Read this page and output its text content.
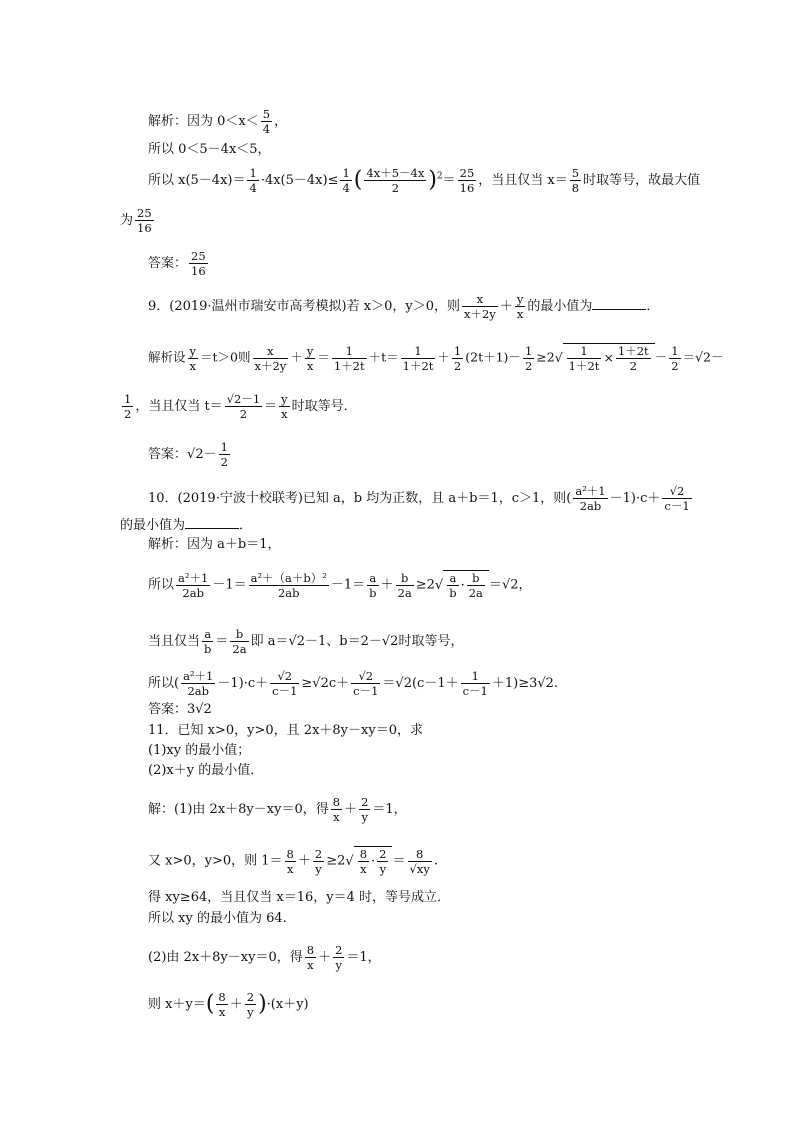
解析：因为 $0<x< \frac{5}{4}$ ，
所以 0＜5－4x＜5，
所以 $x(5-4x)= \frac{1}{4} \cdot 4x(5-4x)\le \frac{1}{4}$ ( $\frac{4x+5-4x}{2} )^2= \frac{25}{16}$ ，当且仅当 $x= \frac{5}{8}$ 时取等号，故最大值
为 $\frac{25}{16}$
答案： $\frac{25}{16}$
9．(2019·温州市瑞安市高考模拟)若 x＞0，y＞0，则 $\frac{x}{x+2y} + \frac{y}{x}$ 的最小值为	．
解析设 $\frac{y}{x} =t>0$则 $\frac{x}{x+2y} + \frac{y}{x} = \frac{1}{1+2t} +t= \frac{1}{1+2t} + \frac{1}{2} (2t+1)- \frac{1}{2} \ge 2√ \frac{1}{1+2t} \times \frac{1+2t}{2} - \frac{1}{2} =√2-$
$\frac{1}{2}$ ，当且仅当 $t= \frac{√2-1}{2} = \frac{y}{x}$ 时取等号．
答案：$√2- \frac{1}{2}$
10．(2019·宁波十校联考)已知 a，b 均为正数，且 a＋b＝1，c＞1，则( $\frac{\text{a²＋1}}{2ab} -1)\cdot c+ \frac{√2}{c-1}$
的最小值为	．
解析：因为 a＋b＝1，
所以 $\frac{\text{a²＋1}}{2ab} -1= \frac{\text{a²＋（a＋b）²}}{2ab} -1= \frac{a}{b} + \frac{b}{2a} \ge 2√ \frac{a}{b} \cdot \frac{b}{2a} =√2$，
当且仅当 $\frac{a}{b} = \frac{b}{2a}$ 即 a＝√2－1、b＝2－√2时取等号，
所以( $\frac{\text{a²＋1}}{2ab} -1)\cdot c+ \frac{√2}{c-1} \ge√2c+ \frac{√2}{c-1} =√2(c-1+ \frac{1}{c-1} +1)\ge 3√2$.
答案：3√2
11．已知 x>0，y>0，且 2x＋8y－xy＝0，求
(1)xy 的最小值；
(2)x＋y 的最小值．
解：(1)由 2x＋8y－xy＝0，得 $\frac{8}{x} + \frac{2}{y} =1$，
又 x>0，y>0，则 $1= \frac{8}{x} + \frac{2}{y} \ge 2√ \frac{8}{x} \cdot \frac{2}{y} = \frac{8}{√xy}$ .
得 xy≥64，当且仅当 x＝16，y＝4 时，等号成立．
所以 xy 的最小值为 64.
(2)由 2x＋8y－xy＝0，得 $\frac{8}{x} + \frac{2}{y} =1$，
则 $x+y=( \frac{8}{x} + \frac{2}{y} )\cdot(x+y)$
